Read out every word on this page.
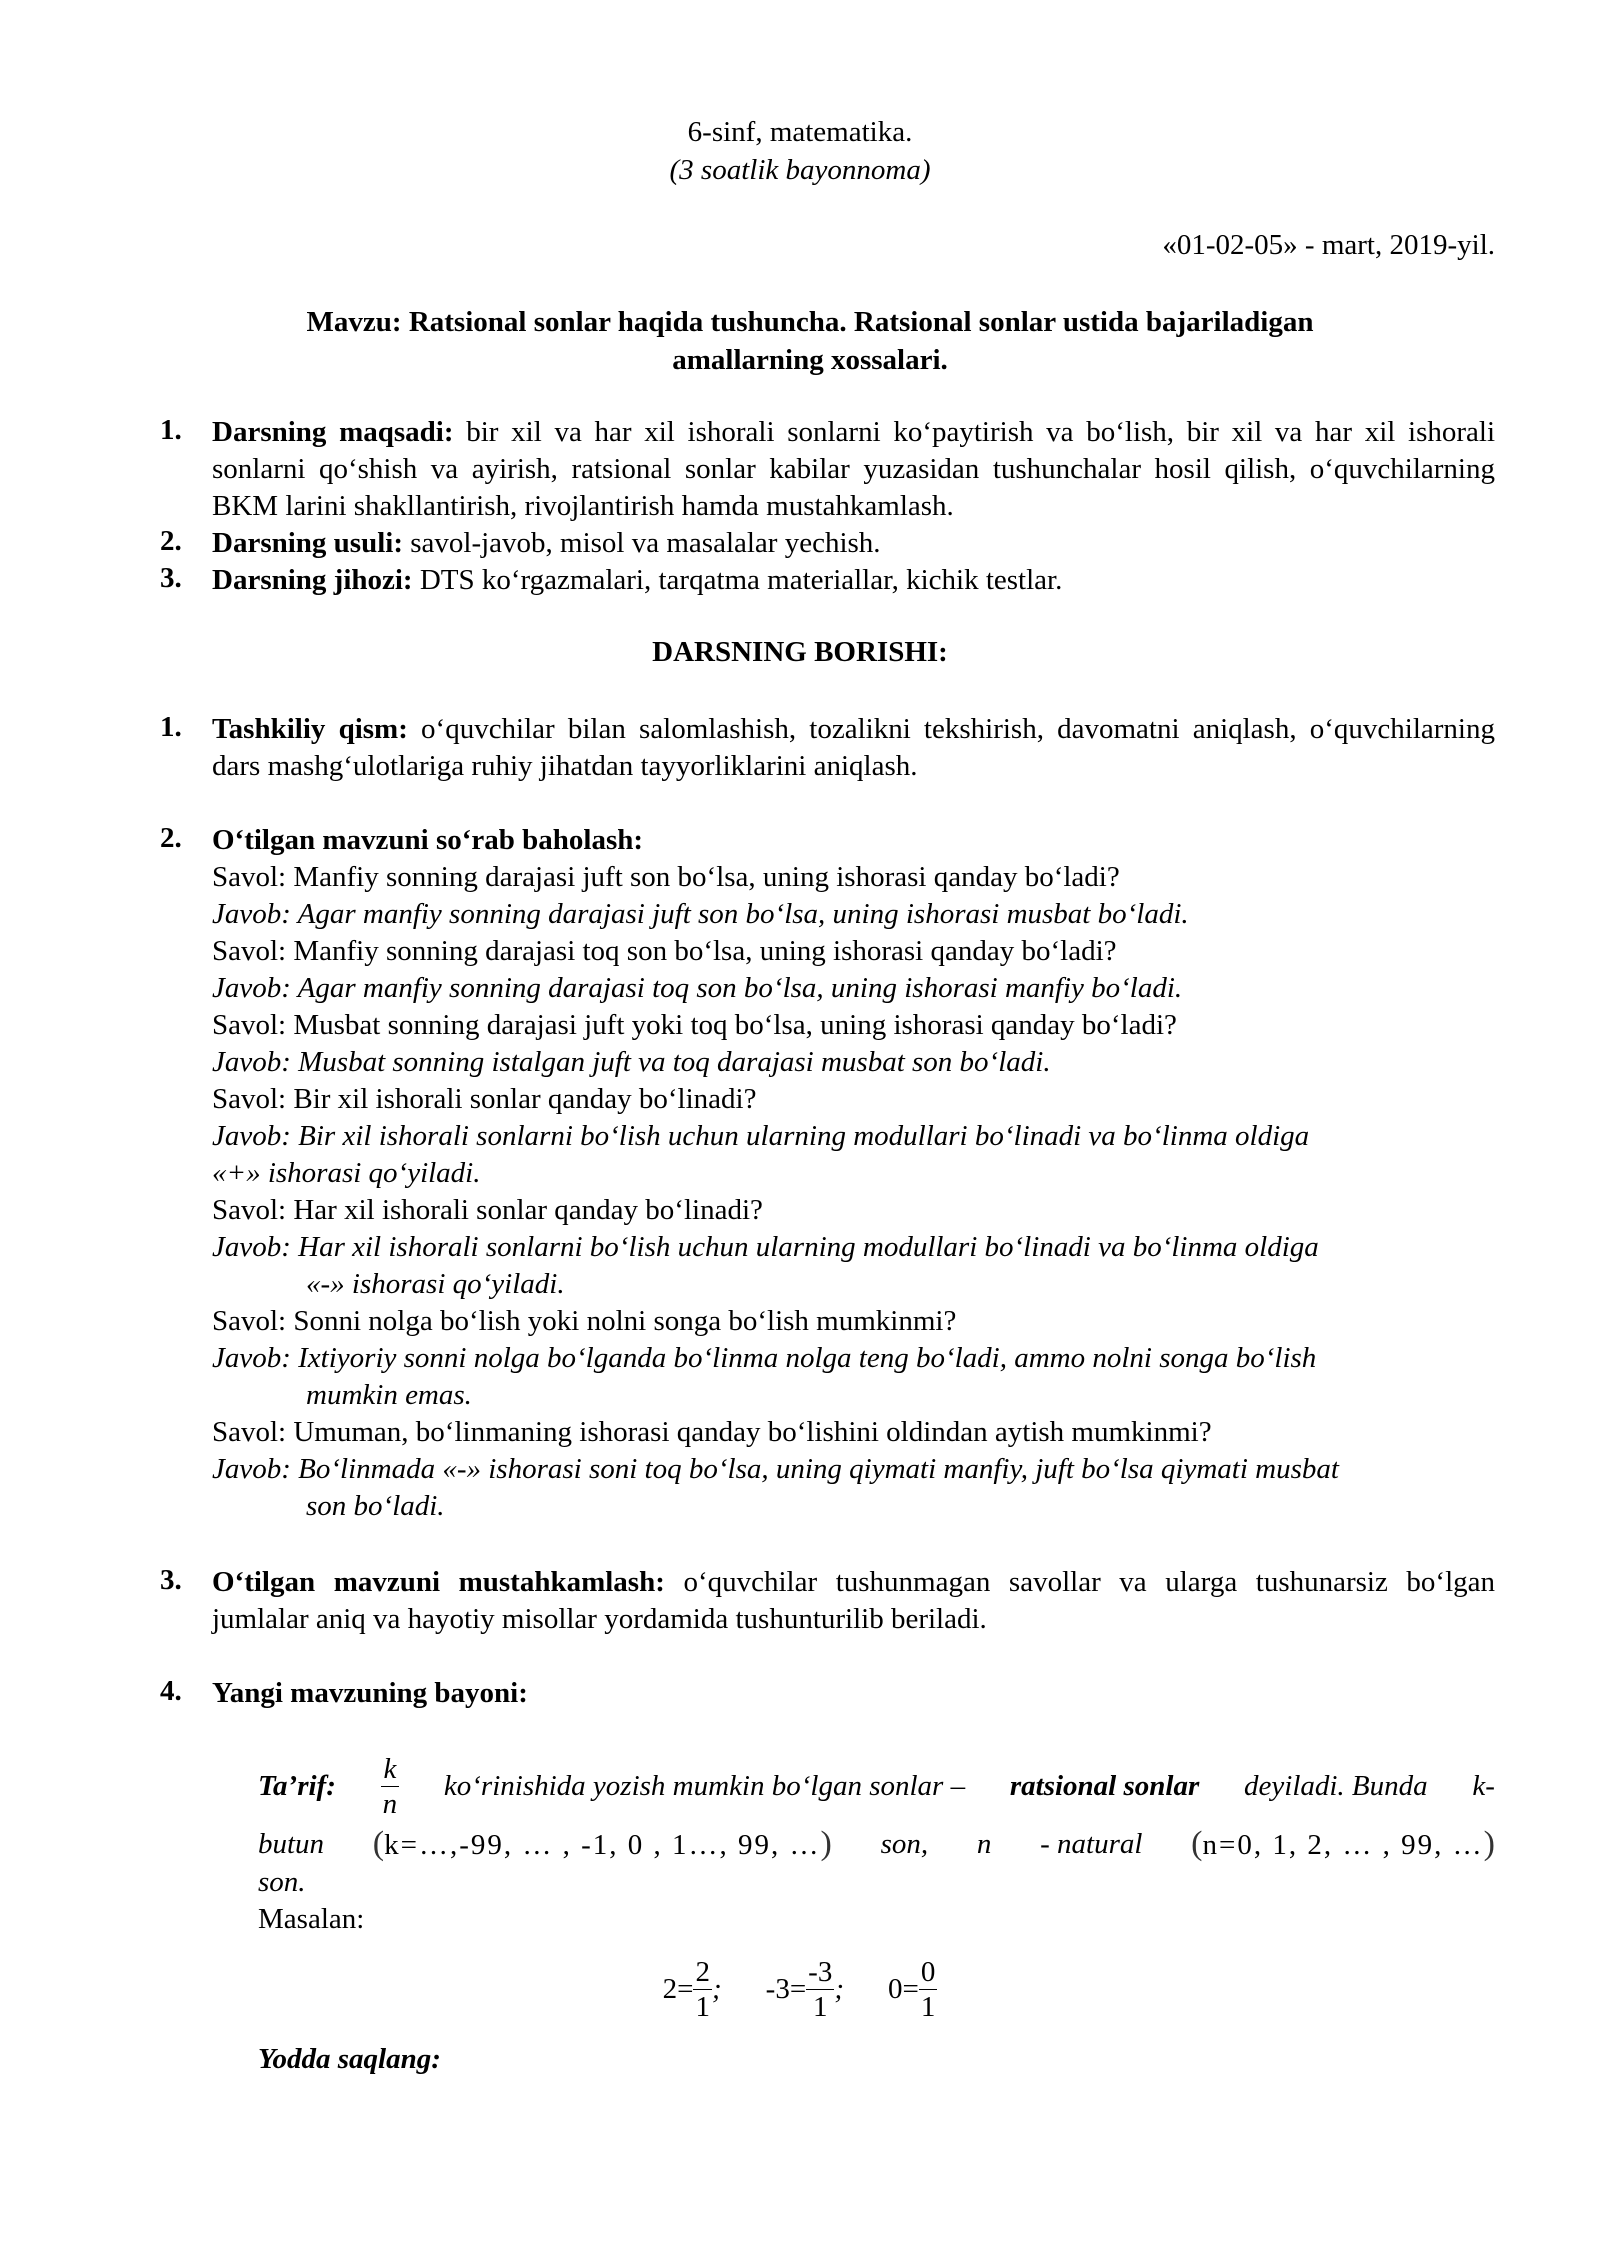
6-sinf, matematika.
(3 soatlik bayonnoma)
«01-02-05» - mart, 2019-yil.
Mavzu: Ratsional sonlar haqida tushuncha. Ratsional sonlar ustida bajariladigan
amallarning xossalari.
1. Darsning maqsadi: bir xil va har xil ishorali sonlarni ko‘paytirish va bo‘lish, bir xil va har xil ishorali sonlarni qo‘shish va ayirish, ratsional sonlar kabilar yuzasidan tushunchalar hosil qilish, o‘quvchilarning BKM larini shakllantirish, rivojlantirish hamda mustahkamlash.
2. Darsning usuli: savol-javob, misol va masalalar yechish.
3. Darsning jihozi: DTS ko‘rgazmalari, tarqatma materiallar, kichik testlar.
DARSNING BORISHI:
1. Tashkiliy qism: o‘quvchilar bilan salomlashish, tozalikni tekshirish, davomatni aniqlash, o‘quvchilarning dars mashg‘ulotlariga ruhiy jihatdan tayyorliklarini aniqlash.
2. O‘tilgan mavzuni so‘rab baholash:
Savol: Manfiy sonning darajasi juft son bo‘lsa, uning ishorasi qanday bo‘ladi?
Javob: Agar manfiy sonning darajasi juft son bo‘lsa, uning ishorasi musbat bo‘ladi.
Savol: Manfiy sonning darajasi toq son bo‘lsa, uning ishorasi qanday bo‘ladi?
Javob: Agar manfiy sonning darajasi toq son bo‘lsa, uning ishorasi manfiy bo‘ladi.
Savol: Musbat sonning darajasi juft yoki toq bo‘lsa, uning ishorasi qanday bo‘ladi?
Javob: Musbat sonning istalgan juft va toq darajasi musbat son bo‘ladi.
Savol: Bir xil ishorali sonlar qanday bo‘linadi?
Javob: Bir xil ishorali sonlarni bo‘lish uchun ularning modullari bo‘linadi va bo‘linma oldiga
«+» ishorasi qo‘yiladi.
Savol: Har xil ishorali sonlar qanday bo‘linadi?
Javob: Har xil ishorali sonlarni bo‘lish uchun ularning modullari bo‘linadi va bo‘linma oldiga
«-» ishorasi qo‘yiladi.
Savol: Sonni nolga bo‘lish yoki nolni songa bo‘lish mumkinmi?
Javob: Ixtiyoriy sonni nolga bo‘lganda bo‘linma nolga teng bo‘ladi, ammo nolni songa bo‘lish
mumkin emas.
Savol: Umuman, bo‘linmaning ishorasi qanday bo‘lishini oldindan aytish mumkinmi?
Javob: Bo‘linmada «-» ishorasi soni toq bo‘lsa, uning qiymati manfiy, juft bo‘lsa qiymati musbat
son bo‘ladi.
3. O‘tilgan mavzuni mustahkamlash: o‘quvchilar tushunmagan savollar va ularga tushunarsiz bo‘lgan jumlalar aniq va hayotiy misollar yordamida tushunturilib beriladi.
4. Yangi mavzuning bayoni:
Ta’rif: $\frac{k}{n}$ ko‘rinishida yozish mumkin bo‘lgan sonlar – ratsional sonlar deyiladi. Bunda k-
butun (k=…,-99, … , -1, 0 , 1…, 99, …) son, n - natural (n=0, 1, 2, … , 99, …)
son.
Masalan:
$2= \frac{2}{1}$ ; $-3= \frac{-3}{1}$ ; $0= \frac{0}{1}$
Yodda saqlang:
